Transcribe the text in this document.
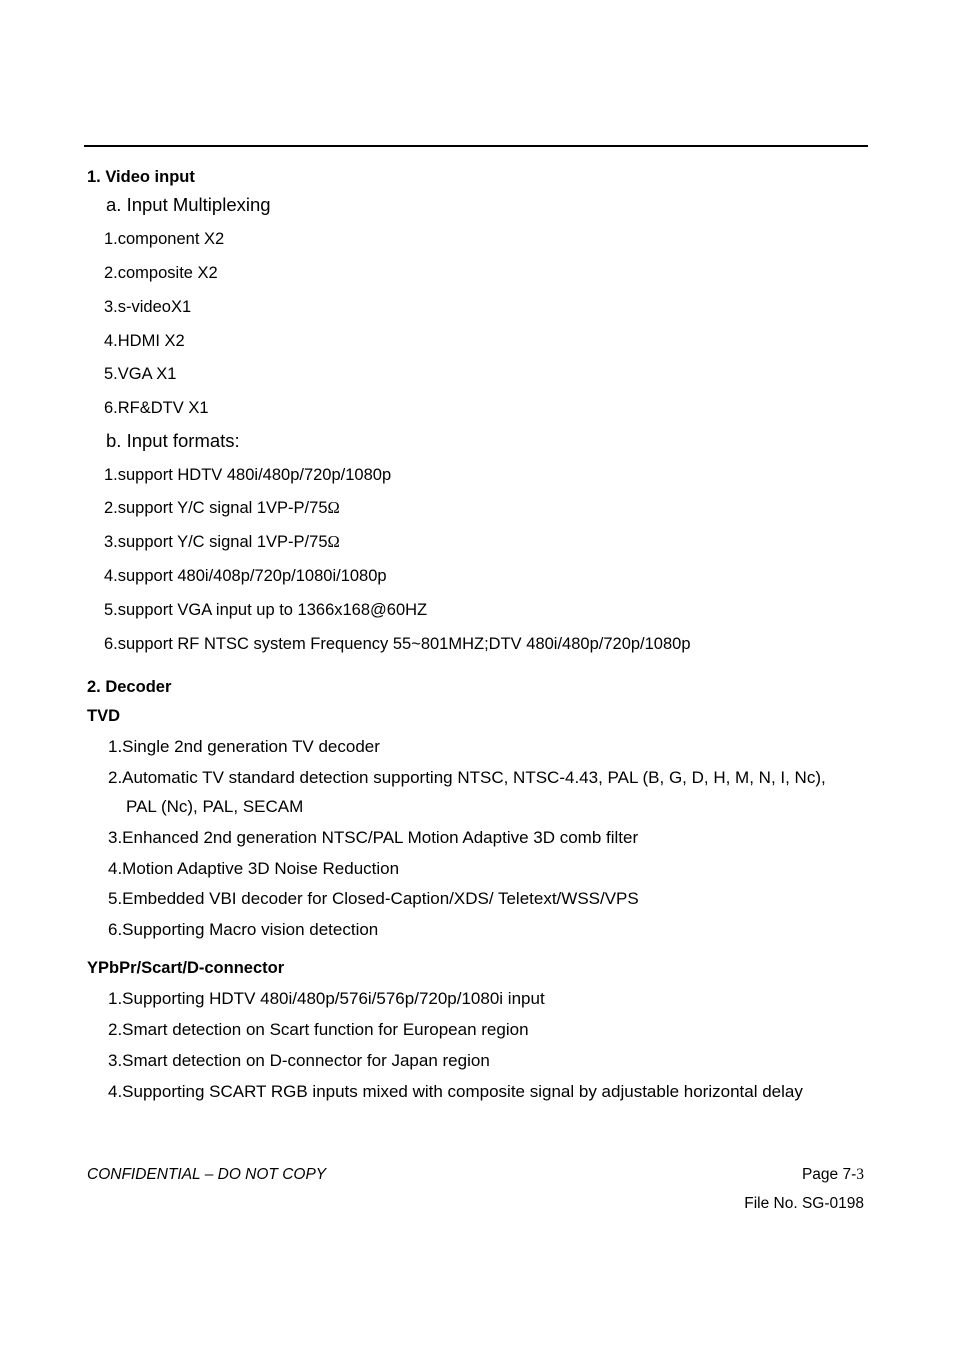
1. Video input
a. Input Multiplexing
1.component X2
2.composite X2
3.s-videoX1
4.HDMI X2
5.VGA X1
6.RF&DTV X1
b. Input formats:
1.support HDTV 480i/480p/720p/1080p
2.support Y/C signal 1VP-P/75Ω
3.support Y/C signal 1VP-P/75Ω
4.support 480i/408p/720p/1080i/1080p
5.support VGA input up to 1366x168@60HZ
6.support RF NTSC system Frequency 55~801MHZ;DTV 480i/480p/720p/1080p
2. Decoder
TVD
1.Single 2nd generation TV decoder
2.Automatic TV standard detection supporting NTSC, NTSC-4.43, PAL (B, G, D, H, M, N, I, Nc),
PAL (Nc), PAL, SECAM
3.Enhanced 2nd generation NTSC/PAL Motion Adaptive 3D comb filter
4.Motion Adaptive 3D Noise Reduction
5.Embedded VBI decoder for Closed-Caption/XDS/ Teletext/WSS/VPS
6.Supporting Macro vision detection
YPbPr/Scart/D-connector
1.Supporting HDTV 480i/480p/576i/576p/720p/1080i input
2.Smart detection on Scart function for European region
3.Smart detection on D-connector for Japan region
4.Supporting SCART RGB inputs mixed with composite signal by adjustable horizontal delay
CONFIDENTIAL – DO NOT COPY	Page 7-3
File No. SG-0198
